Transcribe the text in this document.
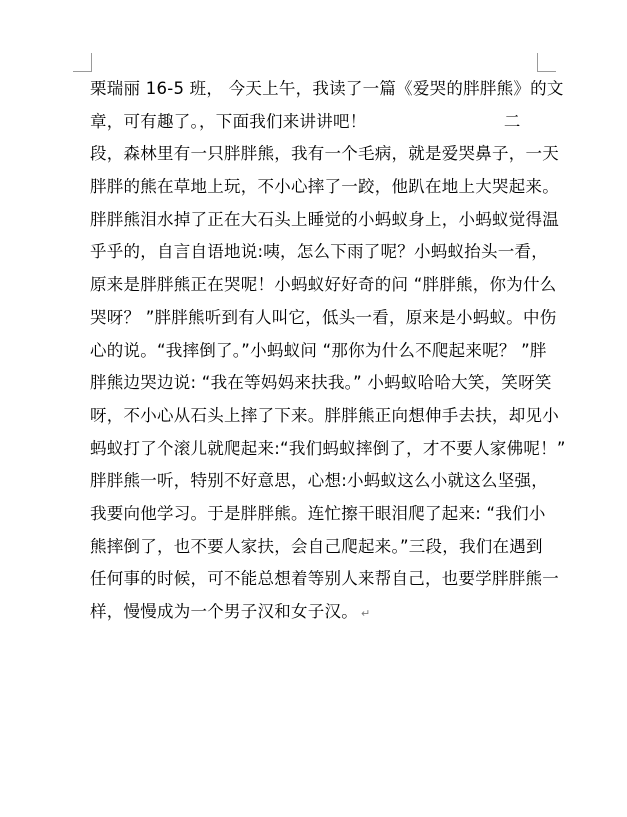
栗瑞丽 16-5 班， 今天上午，我读了一篇《爱哭的胖胖熊》的文
章，可有趣了。，下面我们来讲讲吧！                         二
段，森林里有一只胖胖熊，我有一个毛病，就是爱哭鼻子，一天
胖胖的熊在草地上玩，不小心摔了一跤，他趴在地上大哭起来。
胖胖熊泪水掉了正在大石头上睡觉的小蚂蚁身上，小蚂蚁觉得温
乎乎的，自言自语地说:咦，怎么下雨了呢？小蚂蚁抬头一看，
原来是胖胖熊正在哭呢！小蚂蚁好好奇的问 “胖胖熊，你为什么
哭呀？ ”胖胖熊听到有人叫它，低头一看，原来是小蚂蚁。中伤
心的说。“我摔倒了。”小蚂蚁问 “那你为什么不爬起来呢？ ”胖
胖熊边哭边说: “我在等妈妈来扶我。” 小蚂蚁哈哈大笑，笑呀笑
呀，不小心从石头上摔了下来。胖胖熊正向想伸手去扶，却见小
蚂蚁打了个滚儿就爬起来:“我们蚂蚁摔倒了，才不要人家佛呢！”
胖胖熊一听，特别不好意思，心想:小蚂蚁这么小就这么坚强，
我要向他学习。于是胖胖熊。连忙擦干眼泪爬了起来: “我们小
熊摔倒了，也不要人家扶，会自己爬起来。”三段，我们在遇到
任何事的时候，可不能总想着等别人来帮自己，也要学胖胖熊一
样，慢慢成为一个男子汉和女子汉。 ↵
